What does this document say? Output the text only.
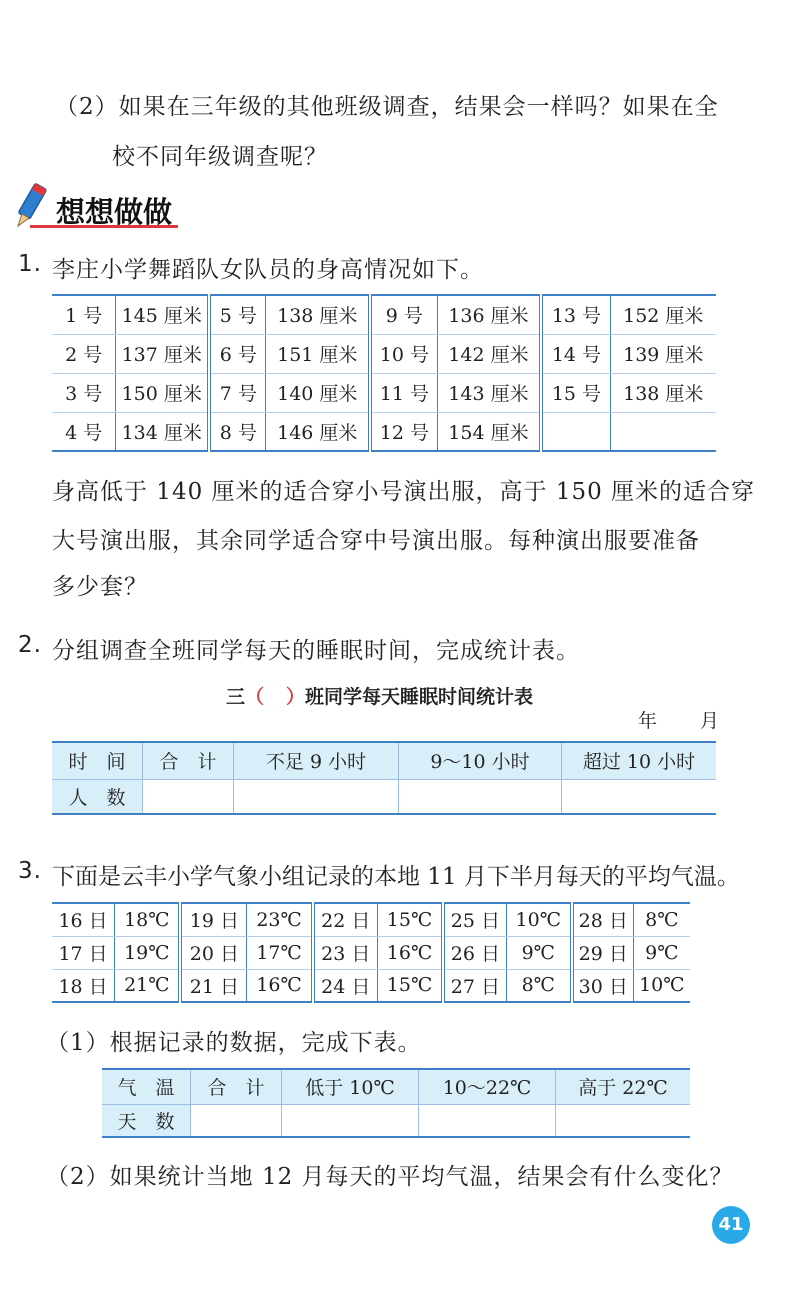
（2）如果在三年级的其他班级调查，结果会一样吗？如果在全
校不同年级调查呢？
想想做做
1. 李庄小学舞蹈队女队员的身高情况如下。
1 号	145 厘米	5 号	138 厘米	9 号	136 厘米	13 号	152 厘米
2 号	137 厘米	6 号	151 厘米	10 号	142 厘米	14 号	139 厘米
3 号	150 厘米	7 号	140 厘米	11 号	143 厘米	15 号	138 厘米
4 号	134 厘米	8 号	146 厘米	12 号	154 厘米		
身高低于 140 厘米的适合穿小号演出服，高于 150 厘米的适合穿
大号演出服，其余同学适合穿中号演出服。每种演出服要准备
多少套？
2. 分组调查全班同学每天的睡眠时间，完成统计表。
三（ ）班同学每天睡眠时间统计表
年 月
时　间	合　计	不足 9 小时	9～10 小时	超过 10 小时
人　数				
3. 下面是云丰小学气象小组记录的本地 11 月下半月每天的平均气温。
16 日	18℃	19 日	23℃	22 日	15℃	25 日	10℃	28 日	8℃
17 日	19℃	20 日	17℃	23 日	16℃	26 日	9℃	29 日	9℃
18 日	21℃	21 日	16℃	24 日	15℃	27 日	8℃	30 日	10℃
（1）根据记录的数据，完成下表。
气　温	合　计	低于 10℃	10～22℃	高于 22℃
天　数				
（2）如果统计当地 12 月每天的平均气温，结果会有什么变化？
41
